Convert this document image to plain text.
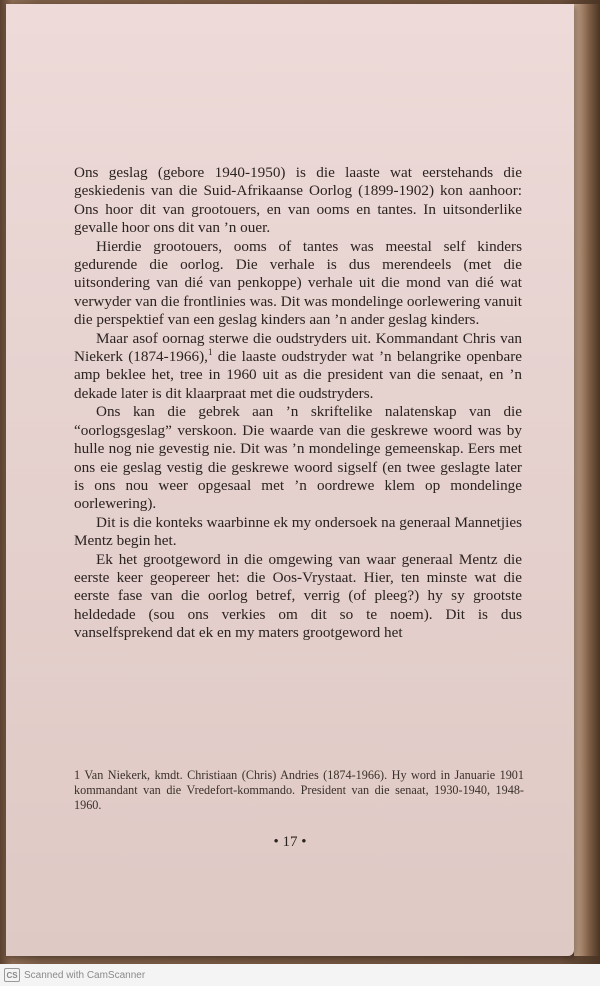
Ons geslag (gebore 1940-1950) is die laaste wat eerstehands die geskiedenis van die Suid-Afrikaanse Oorlog (1899-1902) kon aanhoor: Ons hoor dit van grootouers, en van ooms en tantes. In uitsonderlike gevalle hoor ons dit van ’n ouer.

Hierdie grootouers, ooms of tantes was meestal self kinders gedurende die oorlog. Die verhale is dus merendeels (met die uitsondering van dié van penkoppe) verhale uit die mond van dié wat verwyder van die frontlinies was. Dit was mondelinge oorlewering vanuit die perspektief van een geslag kinders aan ’n ander geslag kinders.

Maar asof oornag sterwe die oudstryders uit. Kommandant Chris van Niekerk (1874-1966),$^1$ die laaste oudstryder wat ’n belangrike openbare amp beklee het, tree in 1960 uit as die president van die senaat, en ’n dekade later is dit klaarpraat met die oudstryders.

Ons kan die gebrek aan ’n skriftelike nalatenskap van die “oorlogsgeslag” verskoon. Die waarde van die geskrewe woord was by hulle nog nie gevestig nie. Dit was ’n mondelinge gemeenskap. Eers met ons eie geslag vestig die geskrewe woord sigself (en twee geslagte later is ons nou weer opgesaal met ’n oordrewe klem op mondelinge oorlewering).

Dit is die konteks waarbinne ek my ondersoek na generaal Mannetjies Mentz begin het.

Ek het grootgeword in die omgewing van waar generaal Mentz die eerste keer geopereer het: die Oos-Vrystaat. Hier, ten minste wat die eerste fase van die oorlog betref, verrig (of pleeg?) hy sy grootste heldedade (sou ons verkies om dit so te noem). Dit is dus vanselfsprekend dat ek en my maters grootgeword het

1 Van Niekerk, kmdt. Christiaan (Chris) Andries (1874-1966). Hy word in Januarie 1901 kommandant van die Vredefort-kommando. President van die senaat, 1930-1940, 1948-1960.

• 17 •
CS Scanned with CamScanner
